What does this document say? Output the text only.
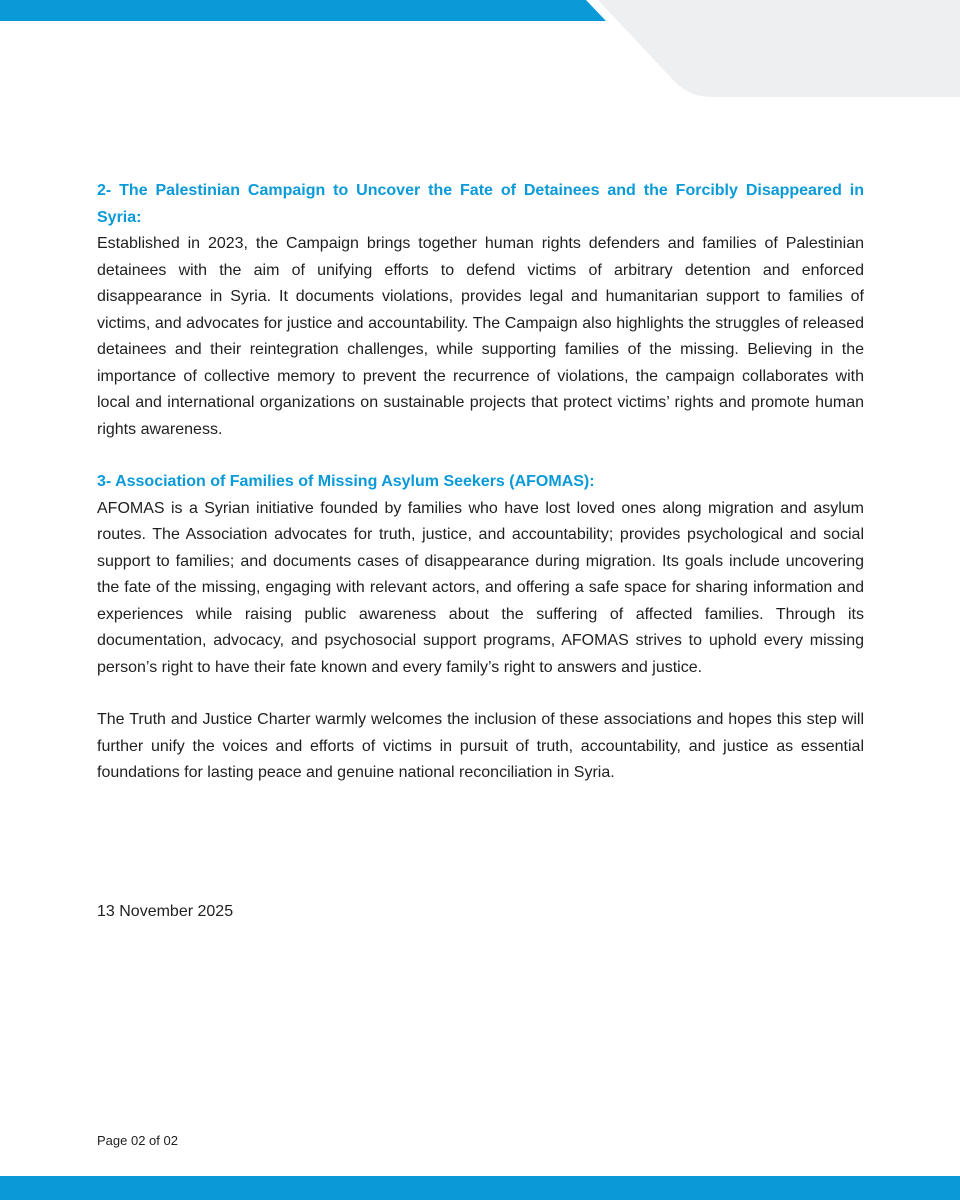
2- The Palestinian Campaign to Uncover the Fate of Detainees and the Forcibly Disappeared in Syria:

Established in 2023, the Campaign brings together human rights defenders and families of Palestinian detainees with the aim of unifying efforts to defend victims of arbitrary detention and enforced disappearance in Syria. It documents violations, provides legal and humanitarian support to families of victims, and advocates for justice and accountability. The Campaign also highlights the struggles of released detainees and their reintegration challenges, while supporting families of the missing. Believing in the importance of collective memory to prevent the recurrence of violations, the campaign collaborates with local and international organizations on sustainable projects that protect victims’ rights and promote human rights awareness.

3- Association of Families of Missing Asylum Seekers (AFOMAS):

AFOMAS is a Syrian initiative founded by families who have lost loved ones along migration and asylum routes. The Association advocates for truth, justice, and accountability; provides psychological and social support to families; and documents cases of disappearance during migration. Its goals include uncovering the fate of the missing, engaging with relevant actors, and offering a safe space for sharing information and experiences while raising public awareness about the suffering of affected families. Through its documentation, advocacy, and psychosocial support programs, AFOMAS strives to uphold every missing person’s right to have their fate known and every family’s right to answers and justice.

The Truth and Justice Charter warmly welcomes the inclusion of these associations and hopes this step will further unify the voices and efforts of victims in pursuit of truth, accountability, and justice as essential foundations for lasting peace and genuine national reconciliation in Syria.

13 November 2025
Page 02 of 02
